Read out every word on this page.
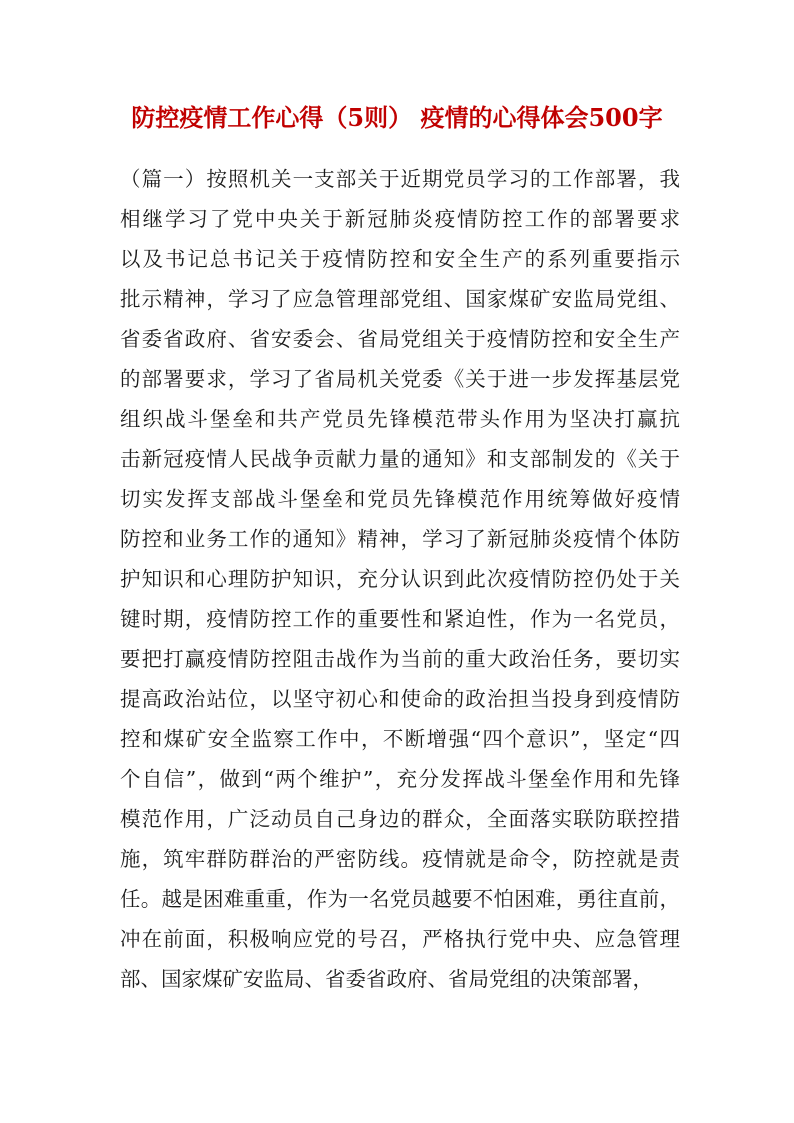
防控疫情工作心得（5则） 疫情的心得体会500字
（篇一）按照机关一支部关于近期党员学习的工作部署，我
相继学习了党中央关于新冠肺炎疫情防控工作的部署要求
以及书记总书记关于疫情防控和安全生产的系列重要指示
批示精神，学习了应急管理部党组、国家煤矿安监局党组、
省委省政府、省安委会、省局党组关于疫情防控和安全生产
的部署要求，学习了省局机关党委《关于进一步发挥基层党
组织战斗堡垒和共产党员先锋模范带头作用为坚决打赢抗
击新冠疫情人民战争贡献力量的通知》和支部制发的《关于
切实发挥支部战斗堡垒和党员先锋模范作用统筹做好疫情
防控和业务工作的通知》精神，学习了新冠肺炎疫情个体防
护知识和心理防护知识，充分认识到此次疫情防控仍处于关
键时期，疫情防控工作的重要性和紧迫性，作为一名党员，
要把打赢疫情防控阻击战作为当前的重大政治任务，要切实
提高政治站位，以坚守初心和使命的政治担当投身到疫情防
控和煤矿安全监察工作中，不断增强“四个意识”，坚定“四
个自信”，做到“两个维护”，充分发挥战斗堡垒作用和先锋
模范作用，广泛动员自己身边的群众，全面落实联防联控措
施，筑牢群防群治的严密防线。疫情就是命令，防控就是责
任。越是困难重重，作为一名党员越要不怕困难，勇往直前，
冲在前面，积极响应党的号召，严格执行党中央、应急管理
部、国家煤矿安监局、省委省政府、省局党组的决策部署，
